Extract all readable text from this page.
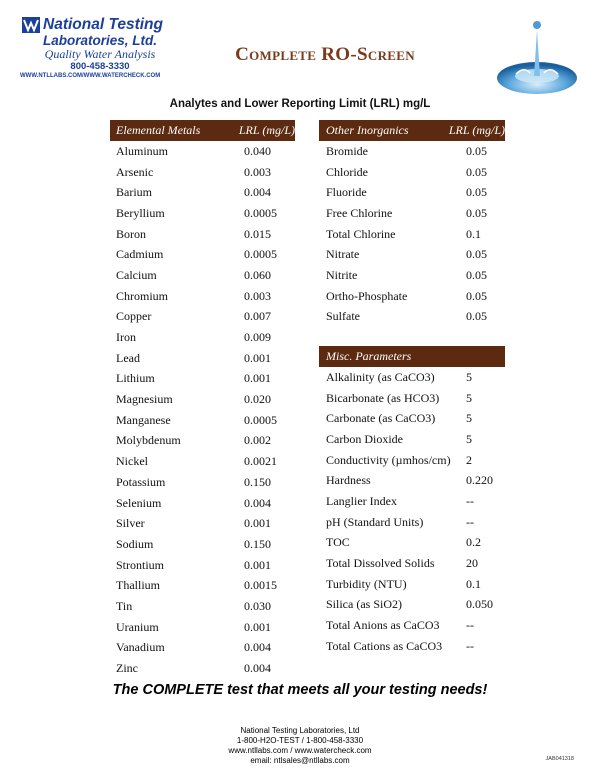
National Testing
Laboratories, Ltd.
Quality Water Analysis
800-458-3330
WWW.NTLLABS.COM/WWW.WATERCHECK.COM
Complete RO-Screen
Analytes and Lower Reporting Limit (LRL) mg/L
Elemental Metals	LRL (mg/L)
Aluminum	0.040
Arsenic	0.003
Barium	0.004
Beryllium	0.0005
Boron	0.015
Cadmium	0.0005
Calcium	0.060
Chromium	0.003
Copper	0.007
Iron	0.009
Lead	0.001
Lithium	0.001
Magnesium	0.020
Manganese	0.0005
Molybdenum	0.002
Nickel	0.0021
Potassium	0.150
Selenium	0.004
Silver	0.001
Sodium	0.150
Strontium	0.001
Thallium	0.0015
Tin	0.030
Uranium	0.001
Vanadium	0.004
Zinc	0.004
Other Inorganics	LRL (mg/L)
Bromide	0.05
Chloride	0.05
Fluoride	0.05
Free Chlorine	0.05
Total Chlorine	0.1
Nitrate	0.05
Nitrite	0.05
Ortho-Phosphate	0.05
Sulfate	0.05
Misc. Parameters
Alkalinity (as CaCO3)	5
Bicarbonate (as HCO3)	5
Carbonate (as CaCO3)	5
Carbon Dioxide	5
Conductivity (µmhos/cm)	2
Hardness	0.220
Langlier Index	--
pH (Standard Units)	--
TOC	0.2
Total Dissolved Solids	20
Turbidity (NTU)	0.1
Silica (as SiO2)	0.050
Total Anions as CaCO3	--
Total Cations as CaCO3	--
The COMPLETE test that meets all your testing needs!
National Testing Laboratories, Ltd
1-800-H2O-TEST / 1-800-458-3330
www.ntllabs.com / www.watercheck.com
email: ntlsales@ntllabs.com	JAB041318
